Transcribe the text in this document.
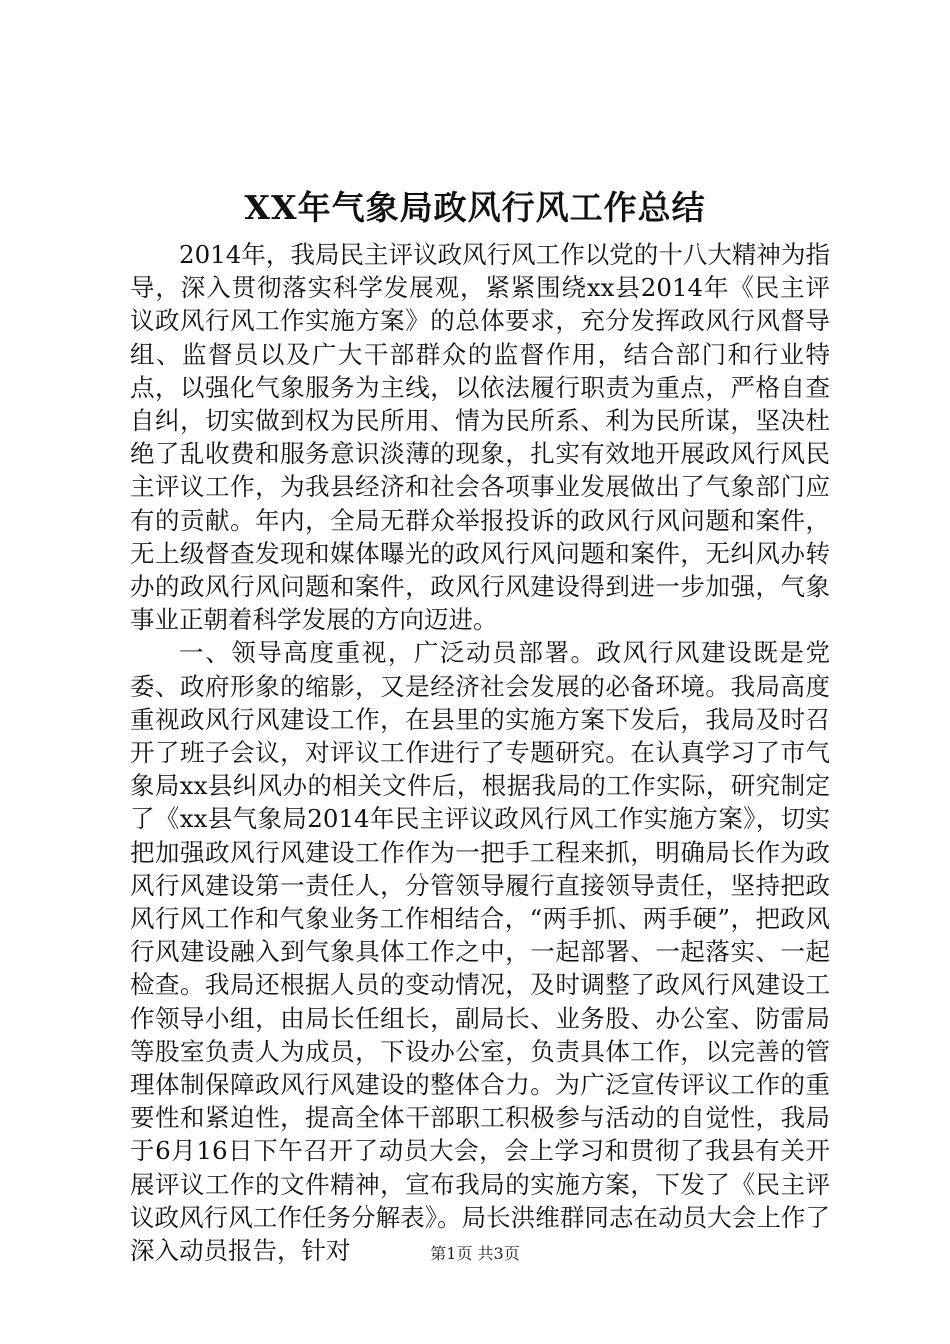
XX年气象局政风行风工作总结

2014年，我局民主评议政风行风工作以党的十八大精神为指导，深入贯彻落实科学发展观，紧紧围绕xx县2014年《民主评议政风行风工作实施方案》的总体要求，充分发挥政风行风督导组、监督员以及广大干部群众的监督作用，结合部门和行业特点，以强化气象服务为主线，以依法履行职责为重点，严格自查自纠，切实做到权为民所用、情为民所系、利为民所谋，坚决杜绝了乱收费和服务意识淡薄的现象，扎实有效地开展政风行风民主评议工作，为我县经济和社会各项事业发展做出了气象部门应有的贡献。年内，全局无群众举报投诉的政风行风问题和案件，无上级督查发现和媒体曝光的政风行风问题和案件，无纠风办转办的政风行风问题和案件，政风行风建设得到进一步加强，气象事业正朝着科学发展的方向迈进。

一、领导高度重视，广泛动员部署。政风行风建设既是党委、政府形象的缩影，又是经济社会发展的必备环境。我局高度重视政风行风建设工作，在县里的实施方案下发后，我局及时召开了班子会议，对评议工作进行了专题研究。在认真学习了市气象局xx县纠风办的相关文件后，根据我局的工作实际，研究制定了《xx县气象局2014年民主评议政风行风工作实施方案》，切实把加强政风行风建设工作作为一把手工程来抓，明确局长作为政风行风建设第一责任人，分管领导履行直接领导责任，坚持把政风行风工作和气象业务工作相结合，“两手抓、两手硬”，把政风行风建设融入到气象具体工作之中，一起部署、一起落实、一起检查。我局还根据人员的变动情况，及时调整了政风行风建设工作领导小组，由局长任组长，副局长、业务股、办公室、防雷局等股室负责人为成员，下设办公室，负责具体工作，以完善的管理体制保障政风行风建设的整体合力。为广泛宣传评议工作的重要性和紧迫性，提高全体干部职工积极参与活动的自觉性，我局于6月16日下午召开了动员大会，会上学习和贯彻了我县有关开展评议工作的文件精神，宣布我局的实施方案，下发了《民主评议政风行风工作任务分解表》。局长洪维群同志在动员大会上作了深入动员报告，针对	第1页 共3页
